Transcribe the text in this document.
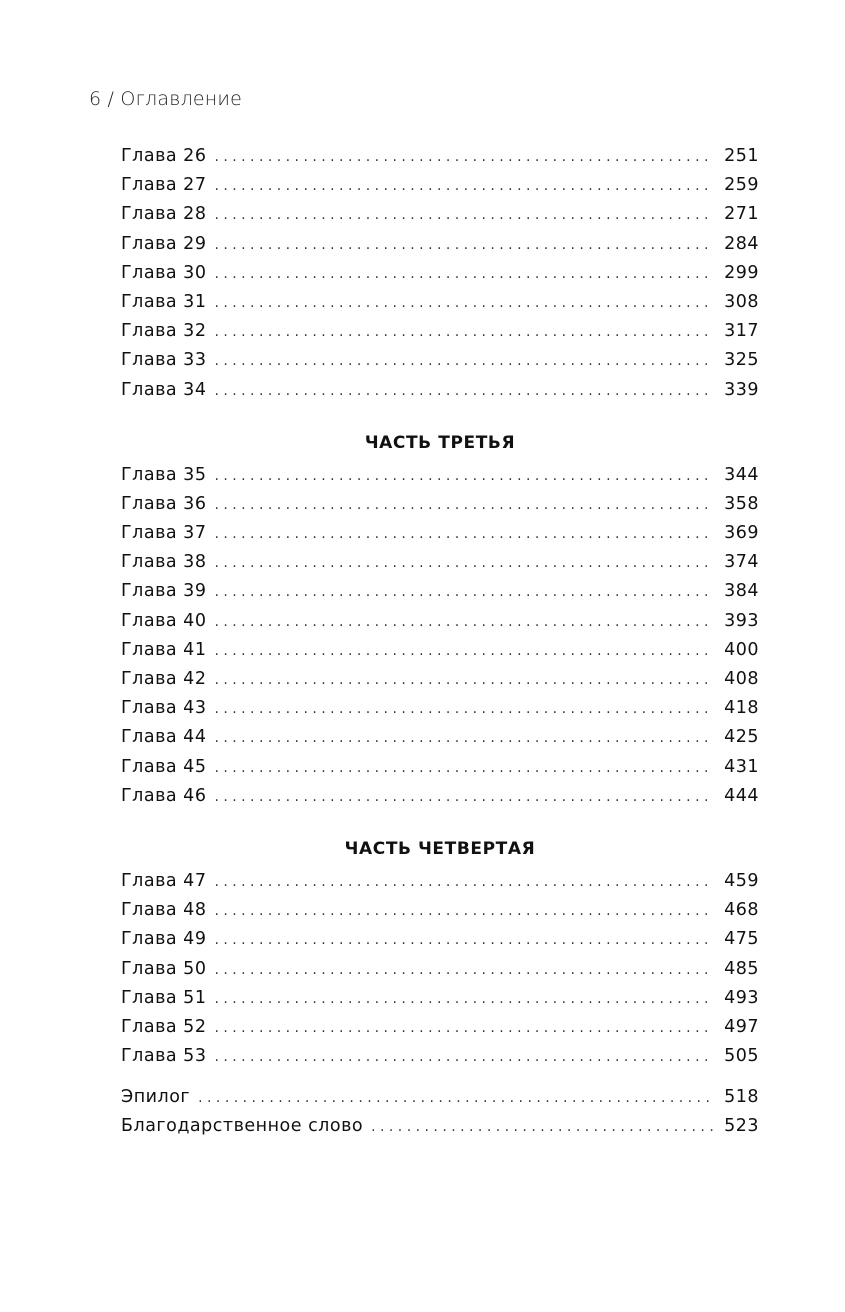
6 / Оглавление
Глава 26 . . .	251
Глава 27 . . .	259
Глава 28 . . .	271
Глава 29 . . .	284
Глава 30 . . .	299
Глава 31 . . .	308
Глава 32 . . .	317
Глава 33 . . .	325
Глава 34 . . .	339
ЧАСТЬ ТРЕТЬЯ
Глава 35 . . .	344
Глава 36 . . .	358
Глава 37 . . .	369
Глава 38 . . .	374
Глава 39 . . .	384
Глава 40 . . .	393
Глава 41 . . .	400
Глава 42 . . .	408
Глава 43 . . .	418
Глава 44 . . .	425
Глава 45 . . .	431
Глава 46 . . .	444
ЧАСТЬ ЧЕТВЕРТАЯ
Глава 47 . . .	459
Глава 48 . . .	468
Глава 49 . . .	475
Глава 50 . . .	485
Глава 51 . . .	493
Глава 52 . . .	497
Глава 53 . . .	505
Эпилог . . .	518
Благодарственное слово . . .	523
